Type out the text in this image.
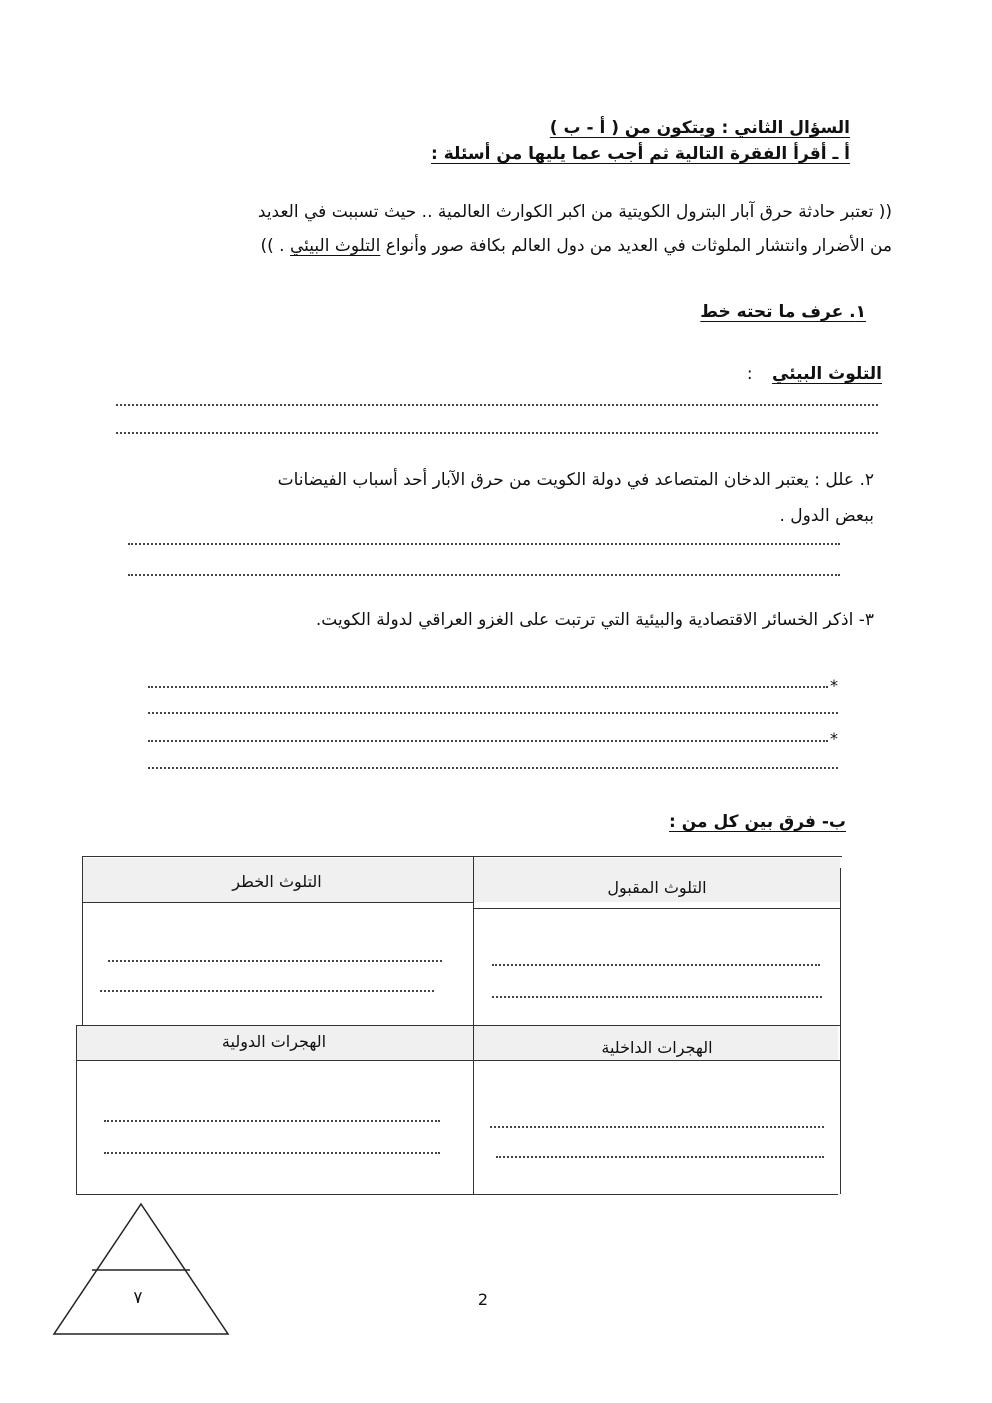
السؤال الثاني : ويتكون من ( أ - ب )
أ ـ أقرأ الفقرة التالية ثم أجب عما يليها من أسئلة :
(( تعتبر حادثة حرق آبار البترول الكويتية من اكبر الكوارث العالمية .. حيث تسببت في العديد
من الأضرار وانتشار الملوثات في العديد من دول العالم بكافة صور وأنواع التلوث البيئي . ))
١. عرف ما تحته خط
التلوث البيئي :
٢. علل : يعتبر الدخان المتصاعد في دولة الكويت من حرق الآبار أحد أسباب الفيضانات
ببعض الدول .
٣- اذكر الخسائر الاقتصادية والبيئية التي ترتبت على الغزو العراقي لدولة الكويت.
*
*
ب- فرق بين كل من :
التلوث المقبول
التلوث الخطر
الهجرات الداخلية
الهجرات الدولية
٧	2
